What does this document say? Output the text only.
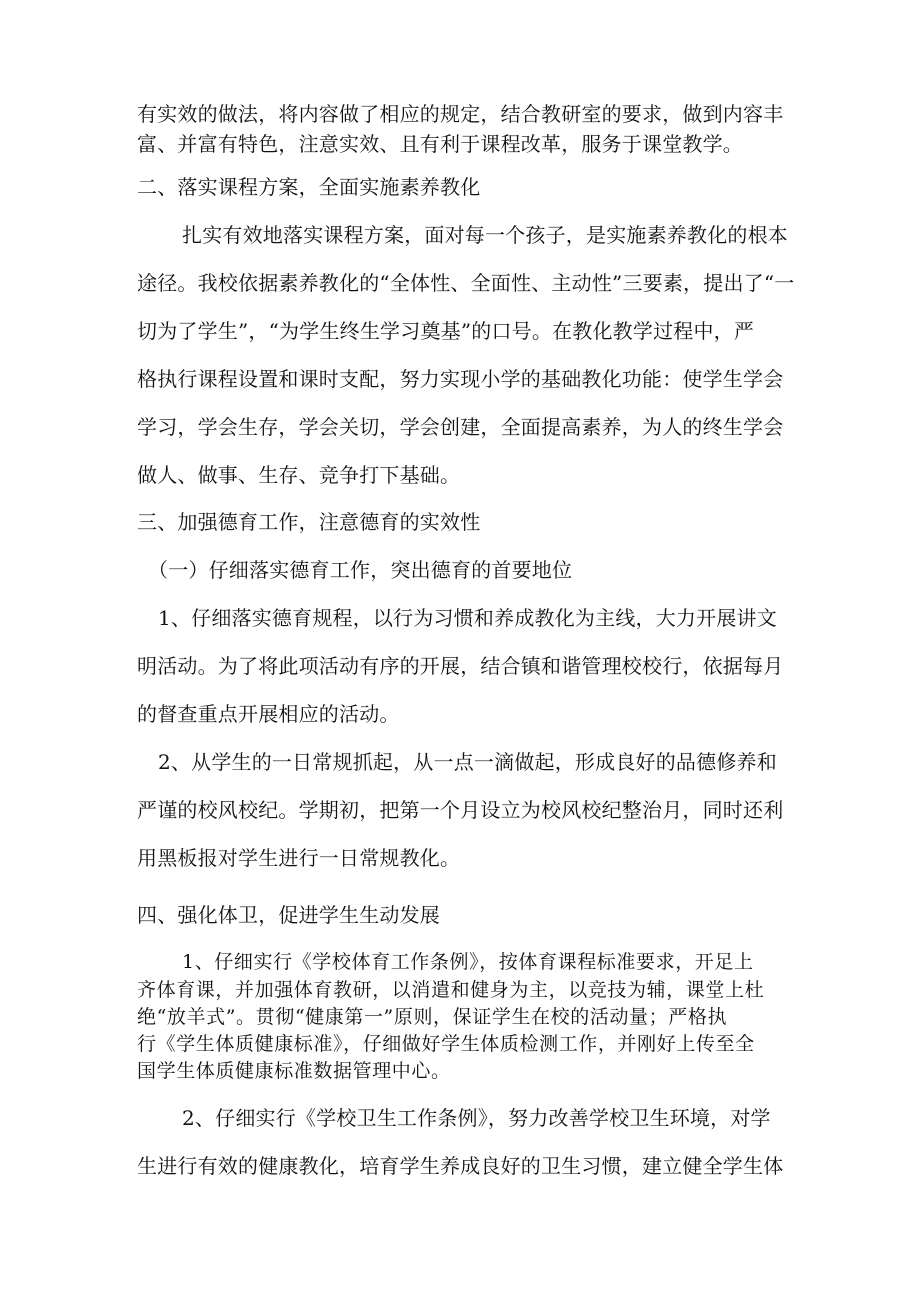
有实效的做法，将内容做了相应的规定，结合教研室的要求，做到内容丰
富、并富有特色，注意实效、且有利于课程改革，服务于课堂教学。
二、落实课程方案，全面实施素养教化
扎实有效地落实课程方案，面对每一个孩子，是实施素养教化的根本
途径。我校依据素养教化的“全体性、全面性、主动性”三要素，提出了“一
切为了学生”，“为学生终生学习奠基”的口号。在教化教学过程中，严
格执行课程设置和课时支配，努力实现小学的基础教化功能：使学生学会
学习，学会生存，学会关切，学会创建，全面提高素养，为人的终生学会
做人、做事、生存、竞争打下基础。
三、加强德育工作，注意德育的实效性
（一）仔细落实德育工作，突出德育的首要地位
1、仔细落实德育规程，以行为习惯和养成教化为主线，大力开展讲文
明活动。为了将此项活动有序的开展，结合镇和谐管理校校行，依据每月
的督查重点开展相应的活动。
2、从学生的一日常规抓起，从一点一滴做起，形成良好的品德修养和
严谨的校风校纪。学期初，把第一个月设立为校风校纪整治月，同时还利
用黑板报对学生进行一日常规教化。
四、强化体卫，促进学生生动发展
1、仔细实行《学校体育工作条例》，按体育课程标准要求，开足上
齐体育课，并加强体育教研，以消遣和健身为主，以竞技为辅，课堂上杜
绝“放羊式”。贯彻“健康第一”原则，保证学生在校的活动量；严格执
行《学生体质健康标准》，仔细做好学生体质检测工作，并刚好上传至全
国学生体质健康标准数据管理中心。
2、仔细实行《学校卫生工作条例》，努力改善学校卫生环境，对学
生进行有效的健康教化，培育学生养成良好的卫生习惯，建立健全学生体
